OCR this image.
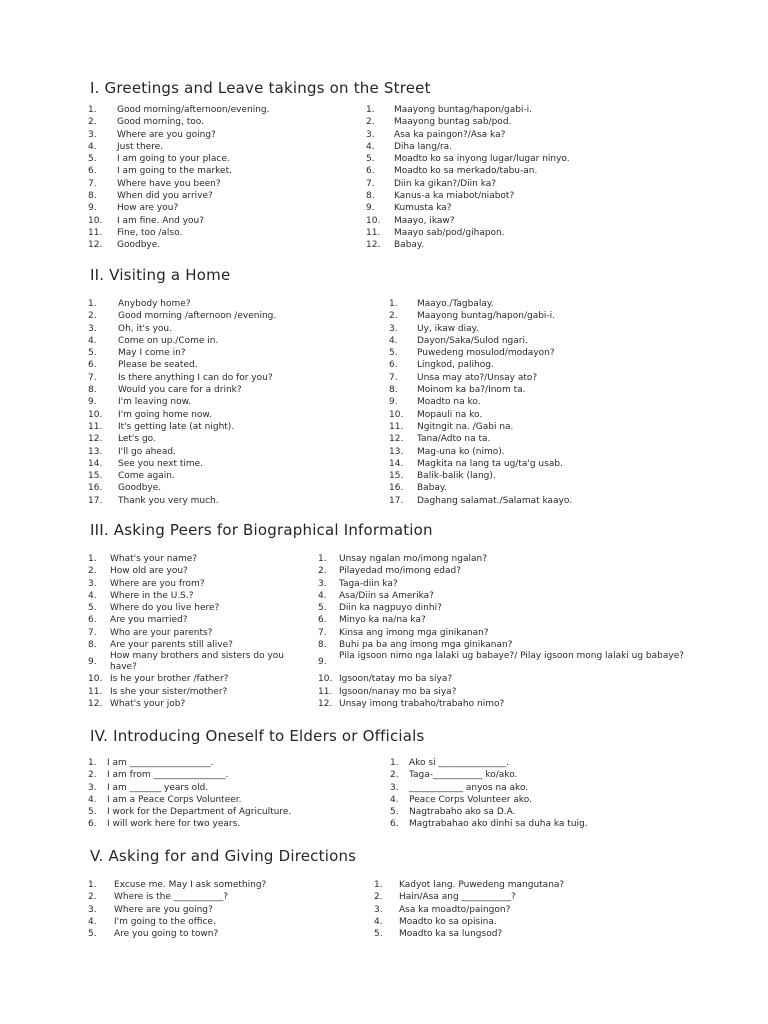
I. Greetings and Leave takings on the Street
1. Good morning/afternoon/evening.
2. Good morning, too.
3. Where are you going?
4. Just there.
5. I am going to your place.
6. I am going to the market.
7. Where have you been?
8. When did you arrive?
9. How are you?
10. I am fine. And you?
11. Fine, too /also.
12. Goodbye.
1. Maayong buntag/hapon/gabi-i.
2. Maayong buntag sab/pod.
3. Asa ka paingon?/Asa ka?
4. Diha lang/ra.
5. Moadto ko sa inyong lugar/lugar ninyo.
6. Moadto ko sa merkado/tabu-an.
7. Diin ka gikan?/Diin ka?
8. Kanus-a ka miabot/niabot?
9. Kumusta ka?
10. Maayo, ikaw?
11. Maayo sab/pod/gihapon.
12. Babay.
II. Visiting a Home
1. Anybody home?
2. Good morning /afternoon /evening.
3. Oh, it's you.
4. Come on up./Come in.
5. May I come in?
6. Please be seated.
7. Is there anything I can do for you?
8. Would you care for a drink?
9. I'm leaving now.
10. I'm going home now.
11. It's getting late (at night).
12. Let's go.
13. I'll go ahead.
14. See you next time.
15. Come again.
16. Goodbye.
17. Thank you very much.
1. Maayo./Tagbalay.
2. Maayong buntag/hapon/gabi-i.
3. Uy, ikaw diay.
4. Dayon/Saka/Sulod ngari.
5. Puwedeng mosulod/modayon?
6. Lingkod, palihog.
7. Unsa may ato?/Unsay ato?
8. Moinom ka ba?/Inom ta.
9. Moadto na ko.
10. Mopauli na ko.
11. Ngitngit na. /Gabi na.
12. Tana/Adto na ta.
13. Mag-una ko (nimo).
14. Magkita na lang ta ug/ta'g usab.
15. Balik-balik (lang).
16. Babay.
17. Daghang salamat./Salamat kaayo.
III. Asking Peers for Biographical Information
1. What's your name?
2. How old are you?
3. Where are you from?
4. Where in the U.S.?
5. Where do you live here?
6. Are you married?
7. Who are your parents?
8. Are your parents still alive?
9.
How many brothers and sisters do you have?
10. Is he your brother /father?
11. Is she your sister/mother?
12. What's your job?
1. Unsay ngalan mo/imong ngalan?
2. Pilayedad mo/imong edad?
3. Taga-diin ka?
4. Asa/Diin sa Amerika?
5. Diin ka nagpuyo dinhi?
6. Minyo ka na/na ka?
7. Kinsa ang imong mga ginikanan?
8. Buhi pa ba ang imong mga ginikanan?
9.
Pila igsoon nimo nga lalaki ug babaye?/ Pilay igsoon mong lalaki ug babaye?
10. Igsoon/tatay mo ba siya?
11. Igsoon/nanay mo ba siya?
12. Unsay imong trabaho/trabaho nimo?
IV. Introducing Oneself to Elders or Officials
1. I am __________________.
2. I am from ________________.
3. I am _______ years old.
4. I am a Peace Corps Volunteer.
5. I work for the Department of Agriculture.
6. I will work here for two years.
1. Ako si _______________.
2. Taga-___________ ko/ako.
3. ____________ anyos na ako.
4. Peace Corps Volunteer ako.
5. Nagtrabaho ako sa D.A.
6. Magtrabahao ako dinhi sa duha ka tuig.
V. Asking for and Giving Directions
1. Excuse me. May I ask something?
2. Where is the ___________?
3. Where are you going?
4. I'm going to the office.
5. Are you going to town?
1. Kadyot lang. Puwedeng mangutana?
2. Hain/Asa ang ___________?
3. Asa ka moadto/paingon?
4. Moadto ko sa opisina.
5. Moadto ka sa lungsod?
